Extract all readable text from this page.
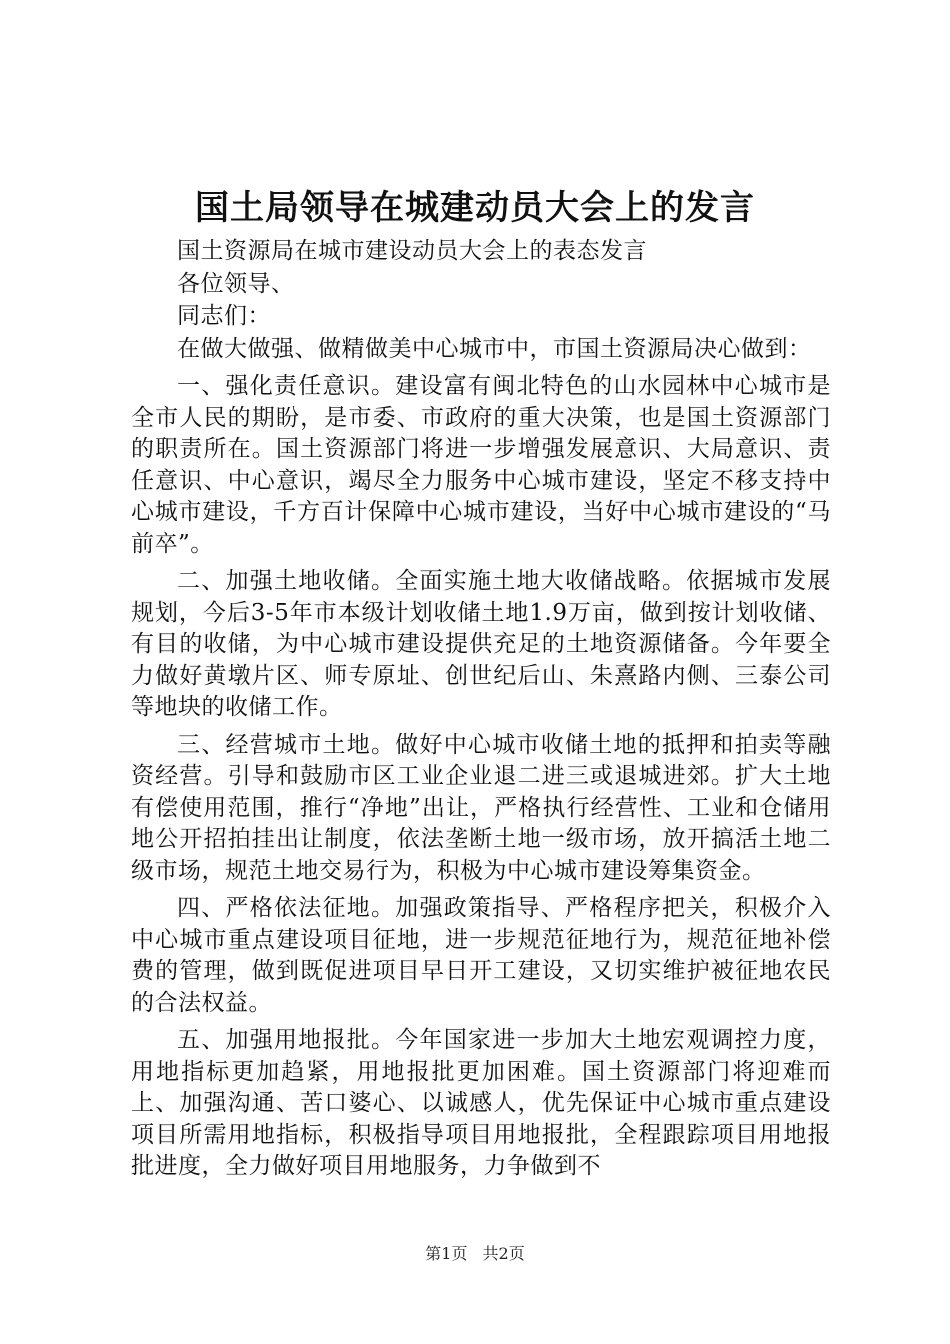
国土局领导在城建动员大会上的发言

国土资源局在城市建设动员大会上的表态发言

各位领导、

同志们：

在做大做强、做精做美中心城市中，市国土资源局决心做到：

一、强化责任意识。建设富有闽北特色的山水园林中心城市是全市人民的期盼，是市委、市政府的重大决策，也是国土资源部门的职责所在。国土资源部门将进一步增强发展意识、大局意识、责任意识、中心意识，竭尽全力服务中心城市建设，坚定不移支持中心城市建设，千方百计保障中心城市建设，当好中心城市建设的“马前卒”。

二、加强土地收储。全面实施土地大收储战略。依据城市发展规划，今后3-5年市本级计划收储土地1.9万亩，做到按计划收储、有目的收储，为中心城市建设提供充足的土地资源储备。今年要全力做好黄墩片区、师专原址、创世纪后山、朱熹路内侧、三泰公司等地块的收储工作。

三、经营城市土地。做好中心城市收储土地的抵押和拍卖等融资经营。引导和鼓励市区工业企业退二进三或退城进郊。扩大土地有偿使用范围，推行“净地”出让，严格执行经营性、工业和仓储用地公开招拍挂出让制度，依法垄断土地一级市场，放开搞活土地二级市场，规范土地交易行为，积极为中心城市建设筹集资金。

四、严格依法征地。加强政策指导、严格程序把关，积极介入中心城市重点建设项目征地，进一步规范征地行为，规范征地补偿费的管理，做到既促进项目早日开工建设，又切实维护被征地农民的合法权益。

五、加强用地报批。今年国家进一步加大土地宏观调控力度，用地指标更加趋紧，用地报批更加困难。国土资源部门将迎难而上、加强沟通、苦口婆心、以诚感人，优先保证中心城市重点建设项目所需用地指标，积极指导项目用地报批，全程跟踪项目用地报批进度，全力做好项目用地服务，力争做到不

第1页 共2页
